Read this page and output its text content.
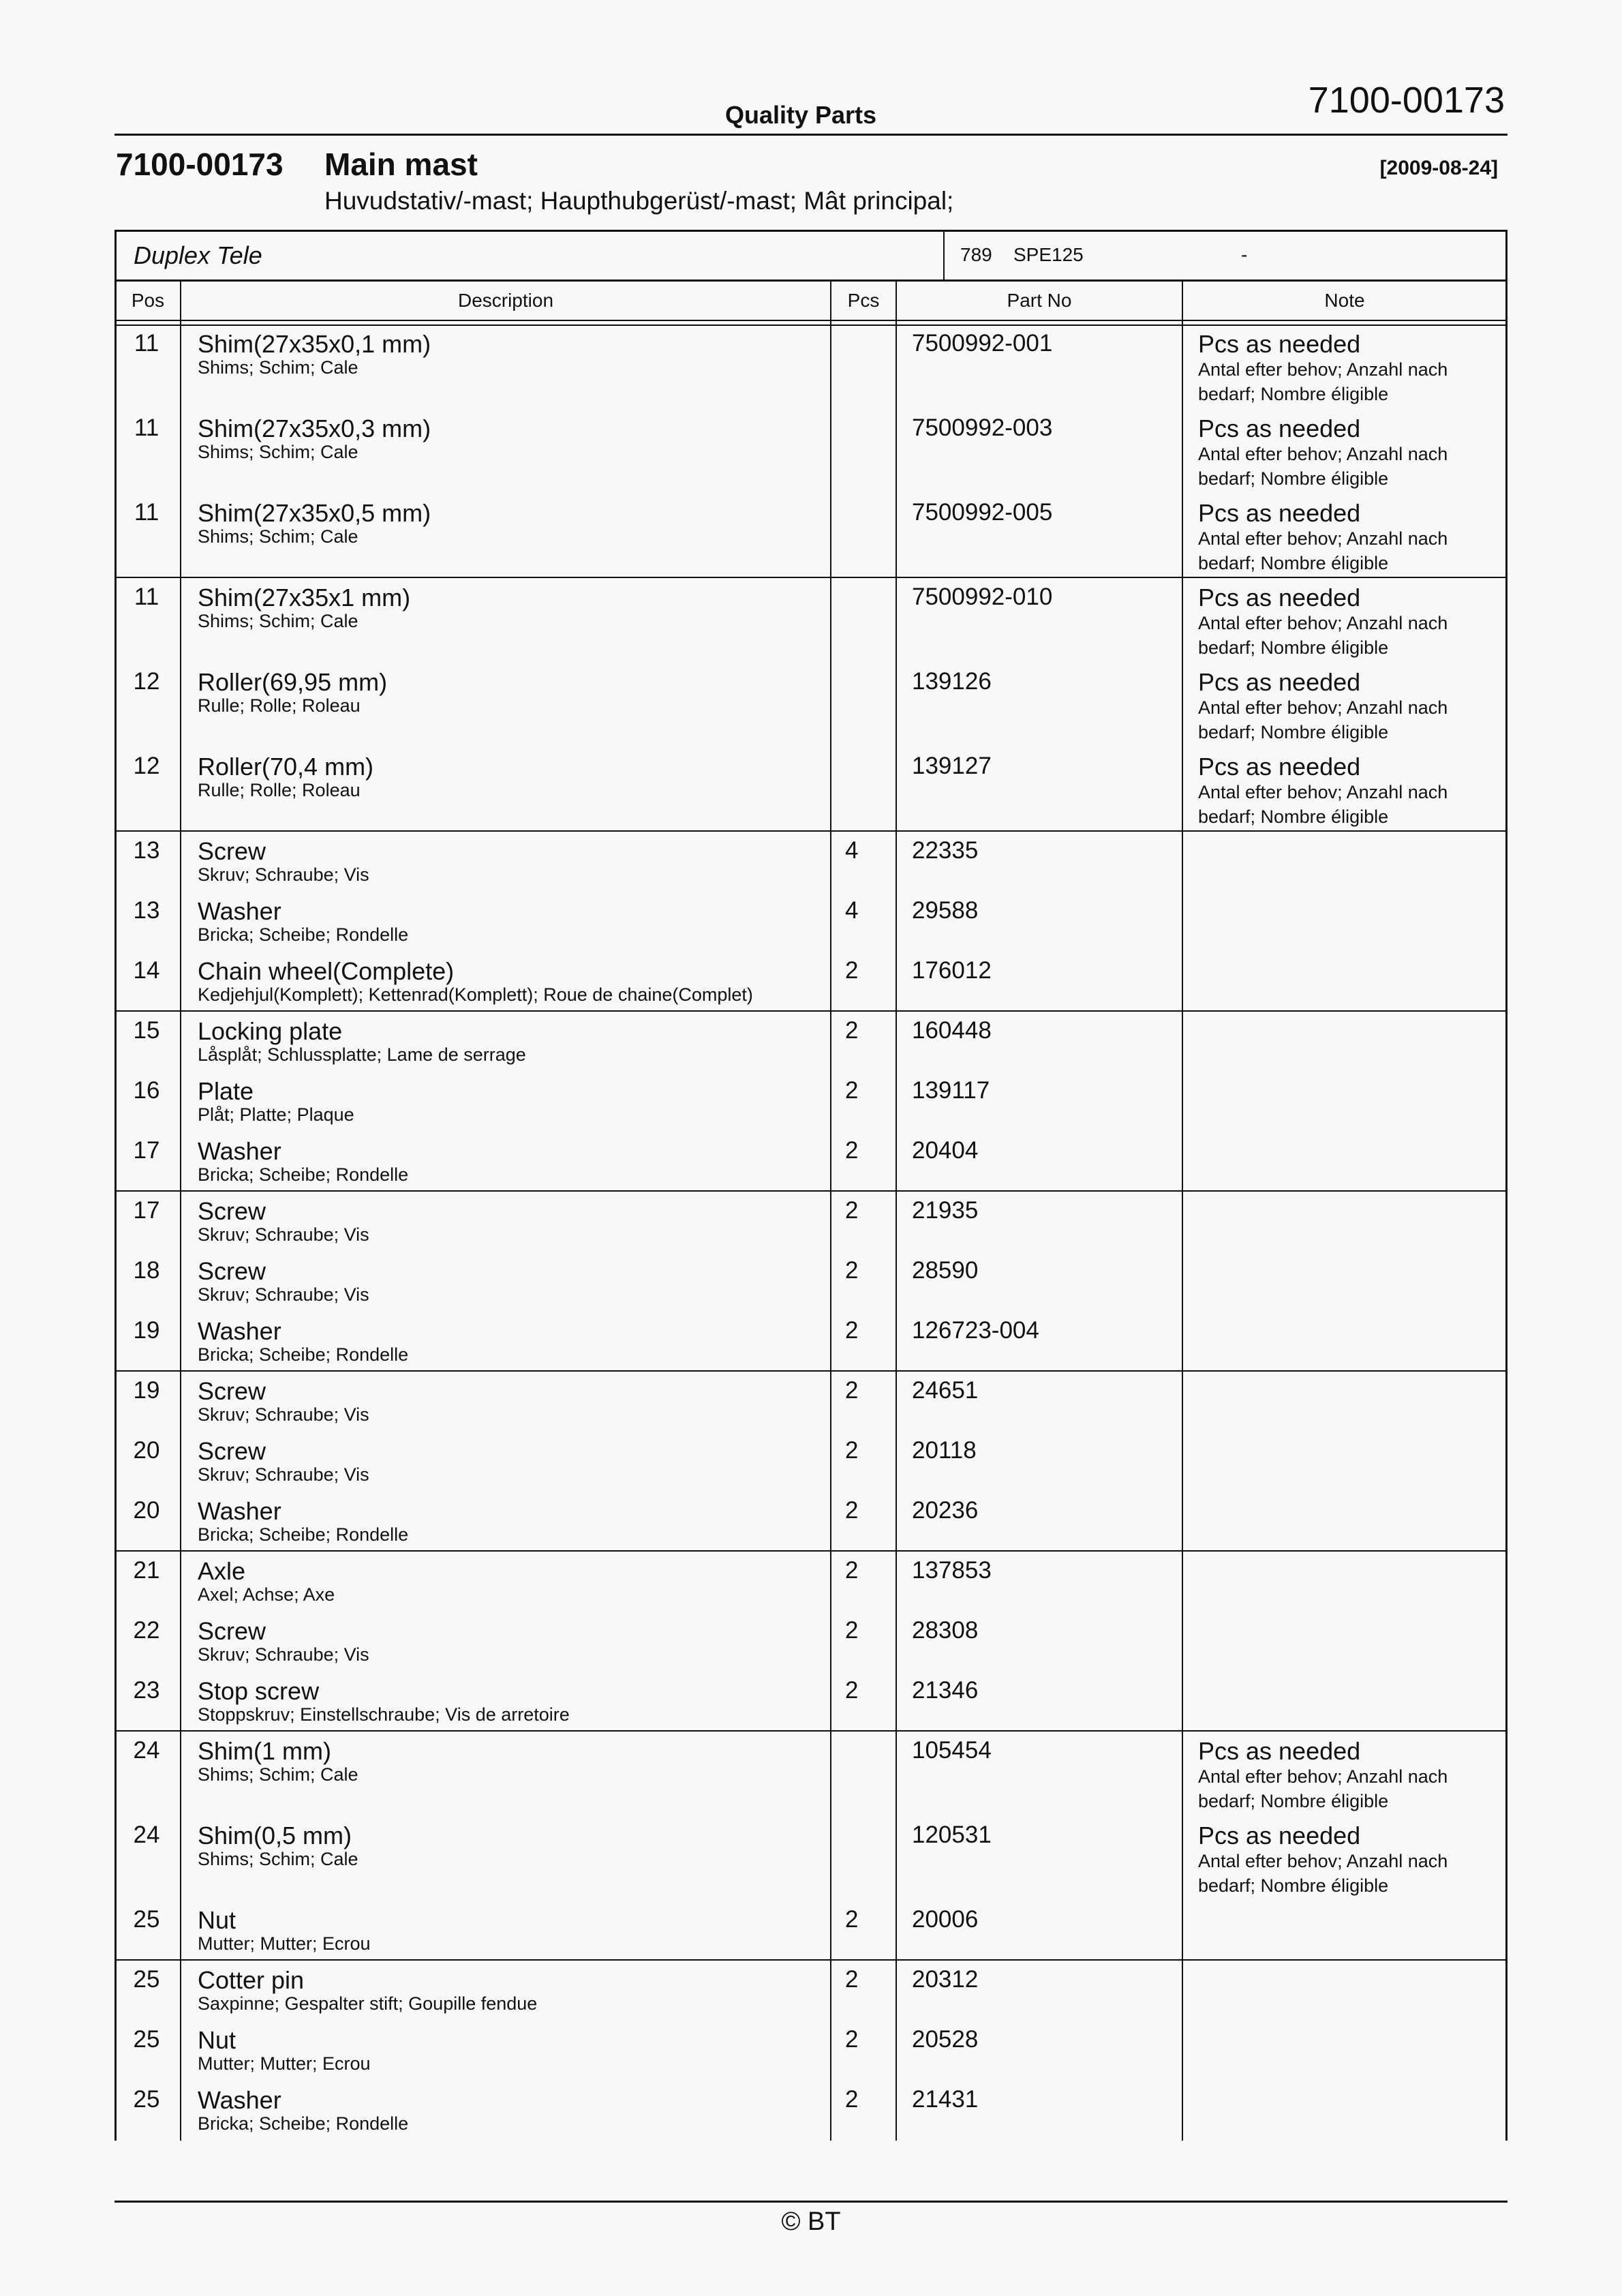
Quality Parts	7100-00173
7100-00173 Main mast	[2009-08-24]
Huvudstativ/-mast; Haupthubgerüst/-mast; Mât principal;
Duplex Tele	789 SPE125	-
Pos	Description	Pcs	Part No	Note
11	Shim(27x35x0,1 mm)
Shims; Schim; Cale
7500992-001	Pcs as needed
Antal efter behov; Anzahl nach bedarf; Nombre éligible
11	Shim(27x35x0,3 mm)
Shims; Schim; Cale
7500992-003	Pcs as needed
Antal efter behov; Anzahl nach bedarf; Nombre éligible
11	Shim(27x35x0,5 mm)
Shims; Schim; Cale
7500992-005	Pcs as needed
Antal efter behov; Anzahl nach bedarf; Nombre éligible
11	Shim(27x35x1 mm)
Shims; Schim; Cale
7500992-010	Pcs as needed
Antal efter behov; Anzahl nach bedarf; Nombre éligible
12	Roller(69,95 mm)
Rulle; Rolle; Roleau
139126	Pcs as needed
Antal efter behov; Anzahl nach bedarf; Nombre éligible
12	Roller(70,4 mm)
Rulle; Rolle; Roleau
139127	Pcs as needed
Antal efter behov; Anzahl nach bedarf; Nombre éligible
13	Screw
Skruv; Schraube; Vis
4 22335
13	Washer
Bricka; Scheibe; Rondelle
4 29588
14	Chain wheel(Complete)
Kedjehjul(Komplett); Kettenrad(Komplett); Roue de chaine(Complet)
2 176012
15	Locking plate
Låsplåt; Schlussplatte; Lame de serrage
2 160448
16	Plate
Plåt; Platte; Plaque
2 139117
17	Washer
Bricka; Scheibe; Rondelle
2 20404
17	Screw
Skruv; Schraube; Vis
2 21935
18	Screw
Skruv; Schraube; Vis
2 28590
19	Washer
Bricka; Scheibe; Rondelle
2 126723-004
19	Screw
Skruv; Schraube; Vis
2 24651
20	Screw
Skruv; Schraube; Vis
2 20118
20	Washer
Bricka; Scheibe; Rondelle
2 20236
21	Axle
Axel; Achse; Axe
2 137853
22	Screw
Skruv; Schraube; Vis
2 28308
23	Stop screw
Stoppskruv; Einstellschraube; Vis de arretoire
2 21346
24	Shim(1 mm)
Shims; Schim; Cale
105454	Pcs as needed
Antal efter behov; Anzahl nach bedarf; Nombre éligible
24	Shim(0,5 mm)
Shims; Schim; Cale
120531	Pcs as needed
Antal efter behov; Anzahl nach bedarf; Nombre éligible
25	Nut
Mutter; Mutter; Ecrou
2 20006
25	Cotter pin
Saxpinne; Gespalter stift; Goupille fendue
2 20312
25	Nut
Mutter; Mutter; Ecrou
2 20528
25	Washer
Bricka; Scheibe; Rondelle
2 21431
© BT
